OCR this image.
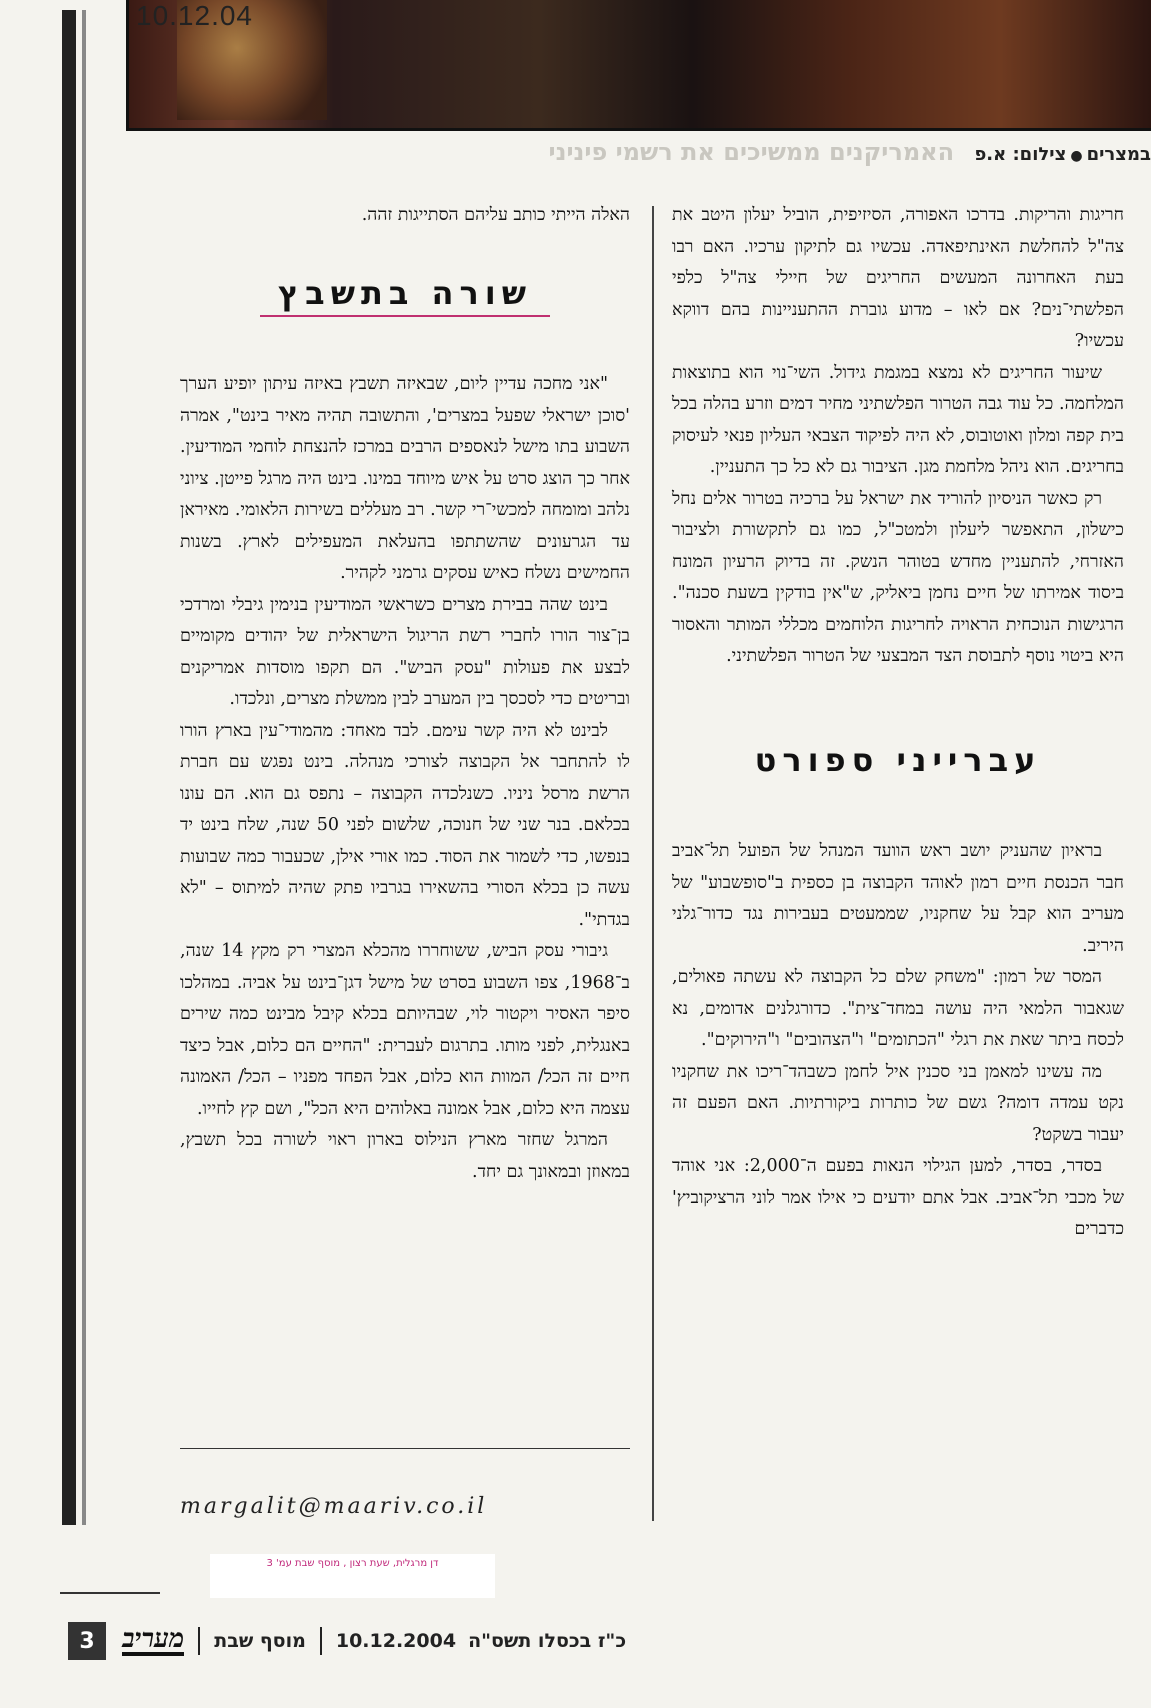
10.12.04
במצרים●צילום: א.פ האמריקנים ממשיכים את רשמי פיניני

חריגות והריקות. בדרכו האפורה, הסיזיפית, הוביל יעלון היטב את צה"ל להחלשת האינתיפאדה. עכשיו גם לתיקון ערכיו. האם רבו בעת האחרונה המעשים החריגים של חיילי צה"ל כלפי הפלשתי־נים? אם לאו – מדוע גוברת ההתעניינות בהם דווקא עכשיו?

שיעור החריגים לא נמצא במגמת גידול. השי־נוי הוא בתוצאות המלחמה. כל עוד גבה הטרור הפלשתיני מחיר דמים וזרע בהלה בכל בית קפה ומלון ואוטובוס, לא היה לפיקוד הצבאי העליון פנאי לעיסוק בחריגים. הוא ניהל מלחמת מגן. הציבור גם לא כל כך התעניין.

רק כאשר הניסיון להוריד את ישראל על ברכיה בטרור אלים נחל כישלון, התאפשר ליעלון ולמטכ"ל, כמו גם לתקשורת ולציבור האזרחי, להתעניין מחדש בטוהר הנשק. זה בדיוק הרעיון המונח ביסוד אמירתו של חיים נחמן ביאליק, ש"אין בודקין בשעת סכנה". הרגישות הנוכחית הראויה לחריגות הלוחמים מכללי המותר והאסור היא ביטוי נוסף לתבוסת הצד המבצעי של הטרור הפלשתיני.

עברייני ספורט

בראיון שהעניק יושב ראש הוועד המנהל של הפועל תל־אביב חבר הכנסת חיים רמון לאוהד הקבוצה בן כספית ב"סופשבוע" של מעריב הוא קבל על שחקניו, שממעטים בעבירות נגד כדור־גלני היריב.

המסר של רמון: "משחק שלם כל הקבוצה לא עשתה פאולים, שגאבור הלמאי היה עושה במחד־צית". כדורגלנים אדומים, נא לכסח ביתר שאת את רגלי "הכתומים" ו"הצהובים" ו"הירוקים".

מה עשינו למאמן בני סכנין איל לחמן כשבהד־ריכו את שחקניו נקט עמדה דומה? גשם של כותרות ביקורתיות. האם הפעם זה יעבור בשקט?

בסדר, בסדר, למען הגילוי הנאות בפעם ה־2,000: אני אוהד של מכבי תל־אביב. אבל אתם יודעים כי אילו אמר לוני הרציקוביץ' כדברים

האלה הייתי כותב עליהם הסתייגות זהה.

שורה בתשבץ

"אני מחכה עדיין ליום, שבאיזה תשבץ באיזה עיתון יופיע הערך 'סוכן ישראלי שפעל במצרים', והתשובה תהיה מאיר בינט", אמרה השבוע בתו מישל לנאספים הרבים במרכז להנצחת לוחמי המודיעין. אחר כך הוצג סרט על איש מיוחד במינו. בינט היה מרגל פייטן. ציוני נלהב ומומחה למכשי־רי קשר. רב מעללים בשירות הלאומי. מאיראן עד הגרעונים שהשתתפו בהעלאת המעפילים לארץ. בשנות החמישים נשלח כאיש עסקים גרמני לקהיר.

בינט שהה בבירת מצרים כשראשי המודיעין בנימין גיבלי ומרדכי בן־צור הורו לחברי רשת הריגול הישראלית של יהודים מקומיים לבצע את פעולות "עסק הביש". הם תקפו מוסדות אמריקנים ובריטים כדי לסכסך בין המערב לבין ממשלת מצרים, ונלכדו.

לבינט לא היה קשר עימם. לבד מאחד: מהמודי־עין בארץ הורו לו להתחבר אל הקבוצה לצורכי מנהלה. בינט נפגש עם חברת הרשת מרסל ניניו. כשנלכדה הקבוצה – נתפס גם הוא. הם עונו בכלאם. בנר שני של חנוכה, שלשום לפני 50 שנה, שלח בינט יד בנפשו, כדי לשמור את הסוד. כמו אורי אילן, שכעבור כמה שבועות עשה כן בכלא הסורי בהשאירו בגרביו פתק שהיה למיתוס – "לא בגדתי".

גיבורי עסק הביש, ששוחררו מהכלא המצרי רק מקץ 14 שנה, ב־1968, צפו השבוע בסרט של מישל דגן־בינט על אביה. במהלכו סיפר האסיר ויקטור לוי, שבהיותם בכלא קיבל מבינט כמה שירים באנגלית, לפני מותו. בתרגום לעברית: "החיים הם כלום, אבל כיצד חיים זה הכל/ המוות הוא כלום, אבל הפחד מפניו – הכל/ האמונה עצמה היא כלום, אבל אמונה באלוהים היא הכל", ושם קץ לחייו.

המרגל שחזר מארץ הנילוס בארון ראוי לשורה בכל תשבץ, במאוזן ובמאונך גם יחד.

margalit@maariv.co.il
דן מרגלית, שעת רצון , מוסף שבת עמ' 3
3	מעריב מוסף שבת 10.12.2004 כ"ז בכסלו תשס"ה
